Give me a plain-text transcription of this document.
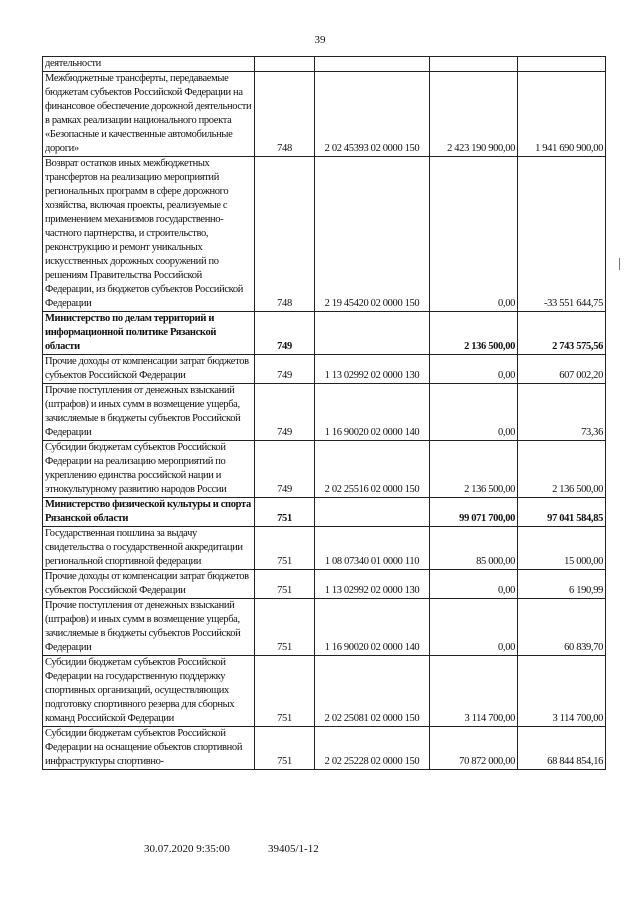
39
деятельности				
Межбюджетные трансферты, передаваемые бюджетам субъектов Российской Федерации на финансовое обеспечение дорожной деятельности в рамках реализации национального проекта «Безопасные и качественные автомобильные дороги»	748	2 02 45393 02 0000 150	2 423 190 900,00	1 941 690 900,00
Возврат остатков иных межбюджетных трансфертов на реализацию мероприятий региональных программ в сфере дорожного хозяйства, включая проекты, реализуемые с применением механизмов государственно-частного партнерства, и строительство, реконструкцию и ремонт уникальных искусственных дорожных сооружений по решениям Правительства Российской Федерации, из бюджетов субъектов Российской Федерации	748	2 19 45420 02 0000 150	0,00	-33 551 644,75
Министерство по делам территорий и информационной политике Рязанской области	749		2 136 500,00	2 743 575,56
Прочие доходы от компенсации затрат бюджетов субъектов Российской Федерации	749	1 13 02992 02 0000 130	0,00	607 002,20
Прочие поступления от денежных взысканий (штрафов) и иных сумм в возмещение ущерба, зачисляемые в бюджеты субъектов Российской Федерации	749	1 16 90020 02 0000 140	0,00	73,36
Субсидии бюджетам субъектов Российской Федерации на реализацию мероприятий по укреплению единства российской нации и этнокультурному развитию народов России	749	2 02 25516 02 0000 150	2 136 500,00	2 136 500,00
Министерство физической культуры и спорта Рязанской области	751		99 071 700,00	97 041 584,85
Государственная пошлина за выдачу свидетельства о государственной аккредитации региональной спортивной федерации	751	1 08 07340 01 0000 110	85 000,00	15 000,00
Прочие доходы от компенсации затрат бюджетов субъектов Российской Федерации	751	1 13 02992 02 0000 130	0,00	6 190,99
Прочие поступления от денежных взысканий (штрафов) и иных сумм в возмещение ущерба, зачисляемые в бюджеты субъектов Российской Федерации	751	1 16 90020 02 0000 140	0,00	60 839,70
Субсидии бюджетам субъектов Российской Федерации на государственную поддержку спортивных организаций, осуществляющих подготовку спортивного резерва для сборных команд Российской Федерации	751	2 02 25081 02 0000 150	3 114 700,00	3 114 700,00
Субсидии бюджетам субъектов Российской Федерации на оснащение объектов спортивной инфраструктуры спортивно-	751	2 02 25228 02 0000 150	70 872 000,00	68 844 854,16
30.07.2020 9:35:00	39405/1-12
